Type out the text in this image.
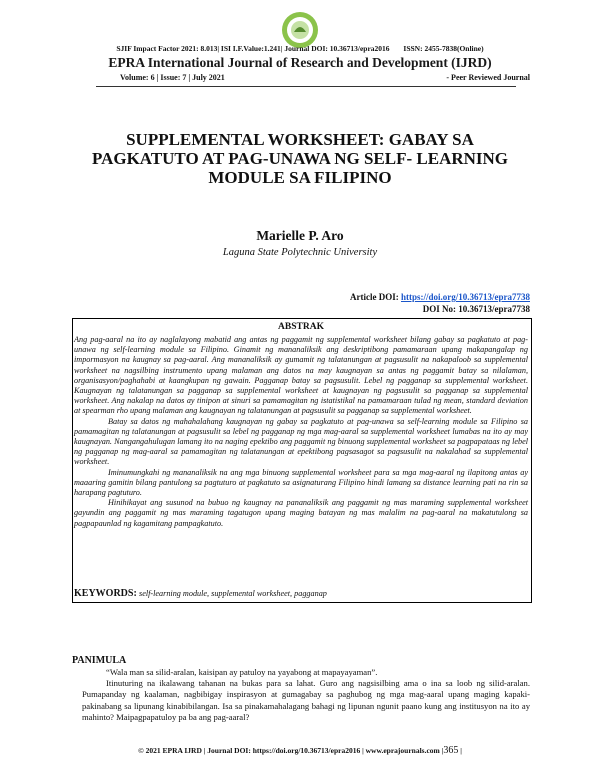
SJIF Impact Factor 2021: 8.013| ISI I.F.Value:1.241| Journal DOI: 10.36713/epra2016 ISSN: 2455-7838(Online)
EPRA International Journal of Research and Development (IJRD)
Volume: 6 | Issue: 7 | July 2021	- Peer Reviewed Journal
SUPPLEMENTAL WORKSHEET: GABAY SA PAGKATUTO AT PAG-UNAWA NG SELF- LEARNING MODULE SA FILIPINO
Marielle P. Aro
Laguna State Polytechnic University
Article DOI: https://doi.org/10.36713/epra7738
DOI No: 10.36713/epra7738
ABSTRAK

Ang pag-aaral na ito ay naglalayong mabatid ang antas ng paggamit ng supplemental worksheet bilang gabay sa pagkatuto at pag-unawa ng self-learning module sa Filipino. Ginamit ng mananaliksik ang deskriptibong pamamaraan upang makapangalap ng impormasyon na kaugnay sa pag-aaral. Ang mananaliksik ay gumamit ng talatanungan at pagsusulit na nakapaloob sa supplemental worksheet na nagsilbing instrumento upang malaman ang datos na may kaugnayan sa antas ng paggamit batay sa nilalaman, organisasyon/paghahabi at kaangkupan ng gawain. Pagganap batay sa pagsusulit. Lebel ng pagganap sa supplemental worksheet. Kaugnayan ng talatanungan sa pagganap sa supplemental worksheet at kaugnayan ng pagsusulit sa pagganap sa supplemental worksheet. Ang nakalap na datos ay tinipon at sinuri sa pamamagitan ng istatistikal na pamamaraan tulad ng mean, standard deviation at spearman rho upang malaman ang kaugnayan ng talatanungan at pagsusulit sa pagganap sa supplemental worksheet.

Batay sa datos ng mahahalahang kaugnayan ng gabay sa pagkatuto at pag-unawa sa self-learning module sa Filipino sa pamamagitan ng talatanungan at pagsusulit sa lebel ng pagganap ng mga mag-aaral sa supplemental worksheet lumabas na ito ay may kaugnayan. Nangangahulugan lamang ito na naging epektibo ang paggamit ng binuong supplemental worksheet sa pagpapataas ng lebel ng pagganap ng mag-aaral sa pamamagitan ng talatanungan at epektibong pagsasagot sa pagsusulit na nakalahad sa supplemental worksheet.

Iminumungkahi ng mananaliksik na ang mga binuong supplemental worksheet para sa mga mag-aaral ng ilapitong antas ay maaaring gamitin bilang pantulong sa pagtuturo at pagkatuto sa asignaturang Filipino hindi lamang sa distance learning pati na rin sa harapang pagtuturo.

Hinihikayat ang susunod na bubuo ng kaugnay na pananaliksik ang paggamit ng mas maraming supplemental worksheet gayundin ang paggamit ng mas maraming tagatugon upang maging batayan ng mas malalim na pag-aaral na makatutulong sa pagpapaunlad ng kagamitang pampagkatuto.

KEYWORDS: self-learning module, supplemental worksheet, pagganap
PANIMULA

“Wala man sa silid-aralan, kaisipan ay patuloy na yayabong at mapayayaman”.

Itinuturing na ikalawang tahanan na bukas para sa lahat. Guro ang nagsisilbing ama o ina sa loob ng silid-aralan. Pumapanday ng kaalaman, nagbibigay inspirasyon at gumagabay sa paghubog ng mga mag-aaral upang maging kapaki-pakinabang sa lipunang kinabibilangan. Isa sa pinakamahalagang bahagi ng lipunan ngunit paano kung ang institusyon na ito ay mahinto? Maipagpapatuloy pa ba ang pag-aaral?

© 2021 EPRA IJRD | Journal DOI: https://doi.org/10.36713/epra2016 | www.eprajournals.com |365 |
